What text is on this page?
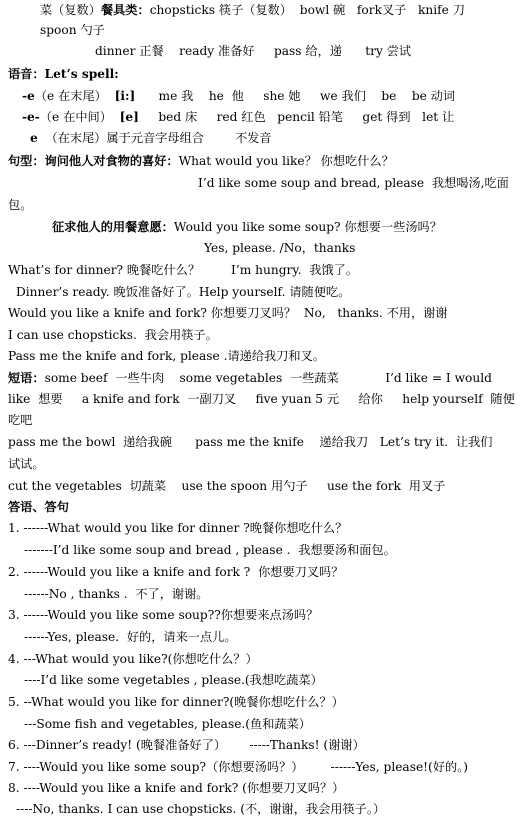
菜（复数）餐具类：chopsticks 筷子（复数）  bowl 碗   fork叉子   knife 刀
spoon 勺子
dinner 正餐    ready 准备好     pass 给，递      try 尝试
语音：Let’s spell:
-e（e 在末尾）  [i:]      me 我    he  他     she 她     we 我们    be    be 动词
-e-（e 在中间）  [e]     bed 床     red 红色   pencil 铅笔     get 得到   let 让
e  （在末尾）属于元音字母组合        不发音
句型：询问他人对食物的喜好：What would you like？ 你想吃什么？
I’d like some soup and bread, please  我想喝汤,吃面
包。
征求他人的用餐意愿：Would you like some soup? 你想要一些汤吗？
Yes, please. /No，thanks
What’s for dinner? 晚餐吃什么？        I’m hungry.  我饿了。
Dinner’s ready. 晚饭准备好了。Help yourself. 请随便吃。
Would you like a knife and fork? 你想要刀叉吗？  No,   thanks. 不用，谢谢
I can use chopsticks.  我会用筷子。
Pass me the knife and fork, please .请递给我刀和叉。
短语：some beef  一些牛肉    some vegetables  一些蔬菜            I’d like = I would
like  想要     a knife and fork  一副刀叉     five yuan 5 元     给你     help yourself  随便
吃吧
pass me the bowl  递给我碗      pass me the knife    递给我刀   Let’s try it.  让我们
试试。
cut the vegetables  切蔬菜    use the spoon 用勺子     use the fork  用叉子
答语、答句
1. ------What would you like for dinner ?晚餐你想吃什么？
-------I’d like some soup and bread , please .  我想要汤和面包。
2. ------Would you like a knife and fork ?  你想要刀叉吗？
------No , thanks .  不了，谢谢。
3. ------Would you like some soup??你想要来点汤吗？
------Yes, please.  好的，请来一点儿。
4. ---What would you like?(你想吃什么？）
----I’d like some vegetables , please.(我想吃蔬菜）
5. --What would you like for dinner?(晚餐你想吃什么？）
---Some fish and vegetables, please.(鱼和蔬菜）
6. ---Dinner’s ready! (晚餐准备好了）      -----Thanks! (谢谢）
7. ----Would you like some soup?（你想要汤吗？）       ------Yes, please!(好的。)
8. ----Would you like a knife and fork? (你想要刀叉吗？）
----No, thanks. I can use chopsticks. (不，谢谢，我会用筷子。）
